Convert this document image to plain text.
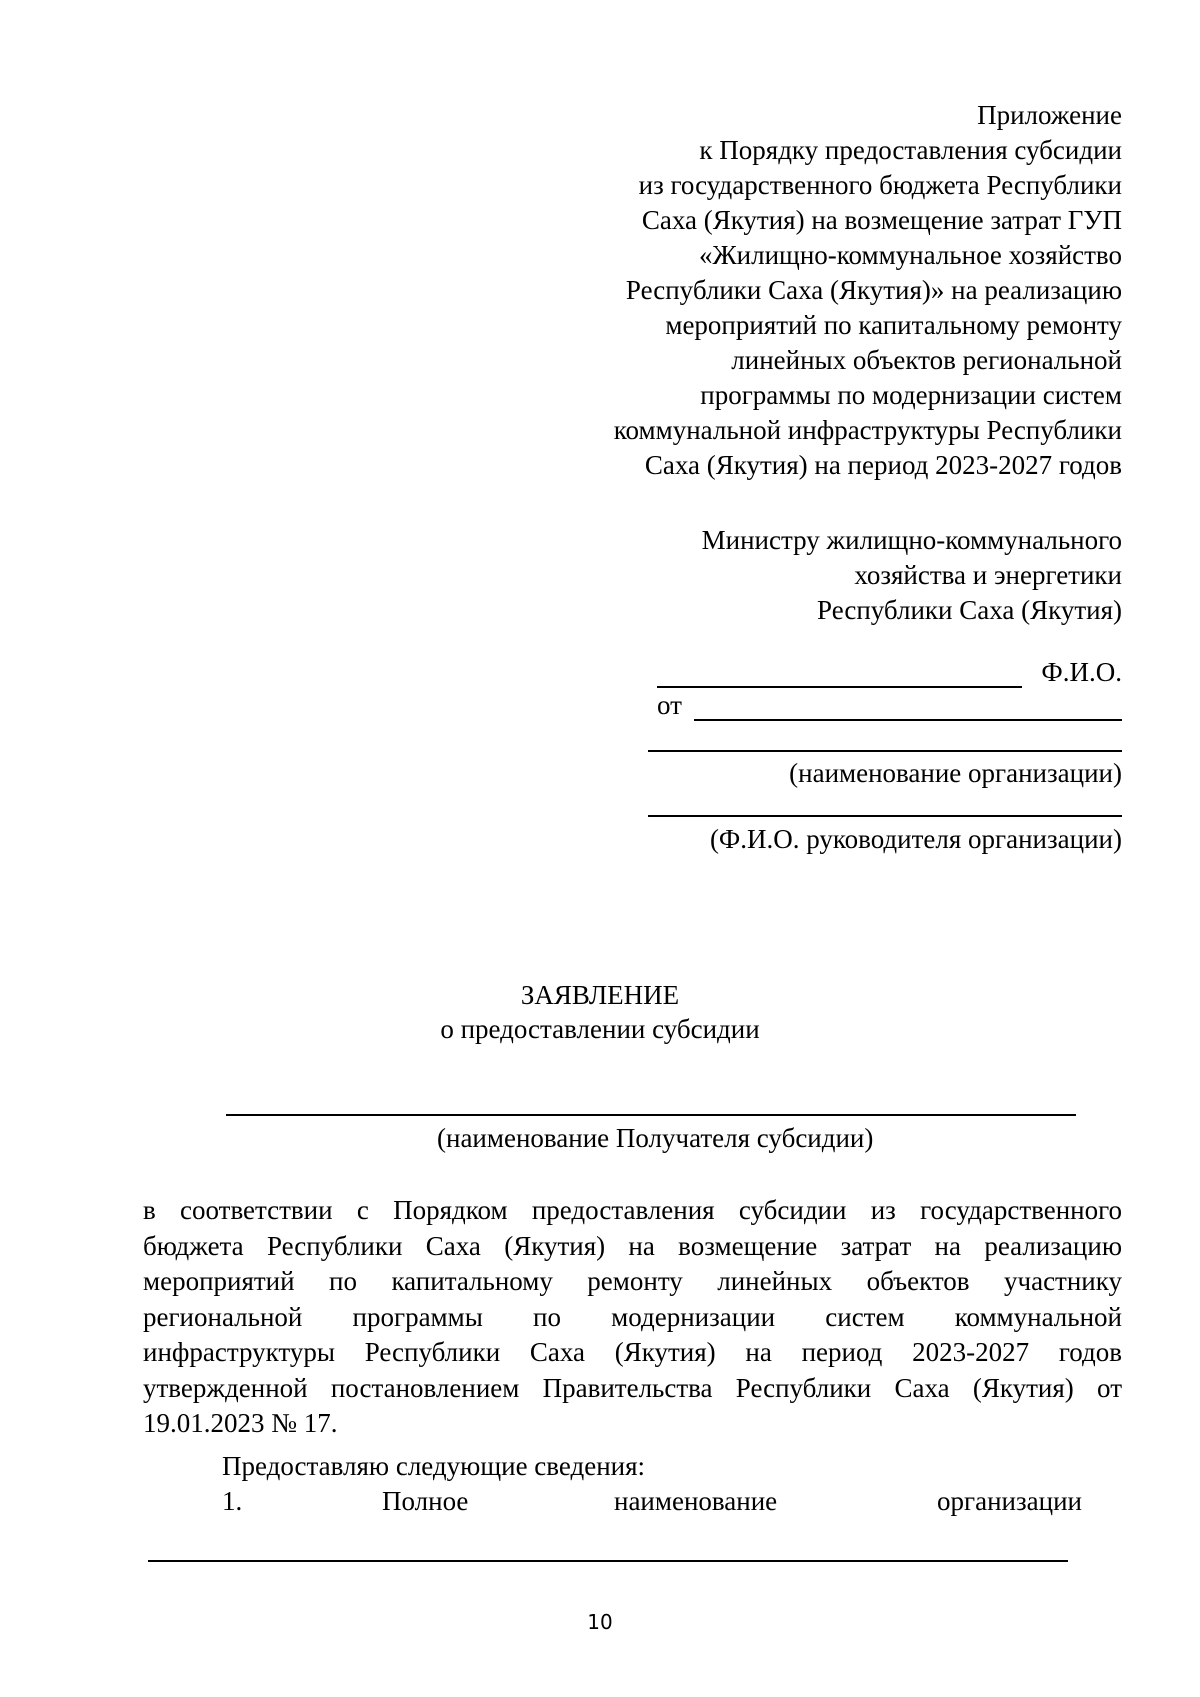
Приложение
к Порядку предоставления субсидии
из государственного бюджета Республики
Саха (Якутия) на возмещение затрат ГУП
«Жилищно-коммунальное хозяйство
Республики Саха (Якутия)» на реализацию
мероприятий по капитальному ремонту
линейных объектов региональной
программы по модернизации систем
коммунальной инфраструктуры Республики
Саха (Якутия) на период 2023-2027 годов
Министру жилищно-коммунального
хозяйства и энергетики
Республики Саха (Якутия)
Ф.И.О.
от
(наименование организации)
(Ф.И.О. руководителя организации)
ЗАЯВЛЕНИЕ
о предоставлении субсидии
(наименование Получателя субсидии)
в соответствии с Порядком предоставления субсидии из государственного
бюджета Республики Саха (Якутия) на возмещение затрат на реализацию
мероприятий по капитальному ремонту линейных объектов участнику
региональной программы по модернизации систем коммунальной
инфраструктуры Республики Саха (Якутия) на период 2023-2027 годов
утвержденной постановлением Правительства Республики Саха (Якутия) от
19.01.2023 № 17.
Предоставляю следующие сведения:
1.	Полное	наименование	организации
10
